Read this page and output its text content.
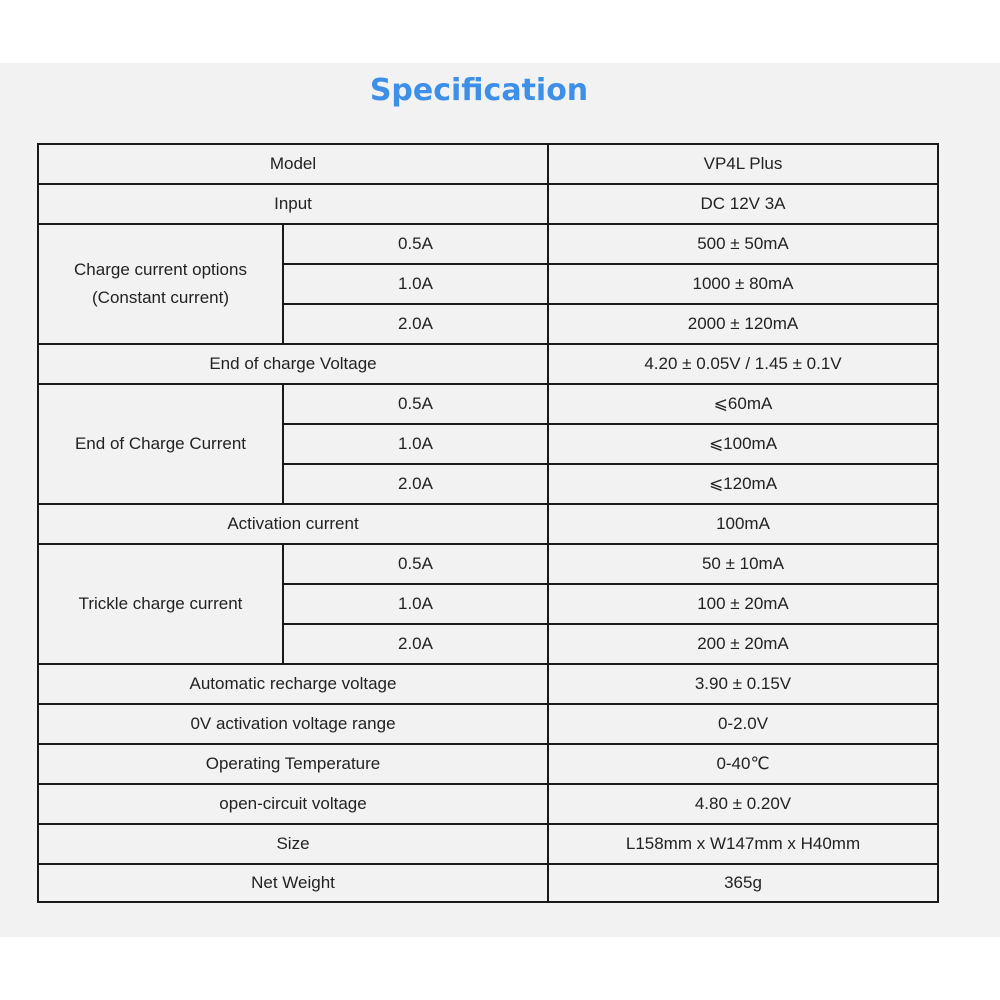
Specification
Model		VP4L Plus
Input		DC 12V 3A

Charge current options
(Constant current)	0.5A	500 ± 50mA
	1.0A	1000 ± 80mA
	2.0A	2000 ± 120mA
End of charge Voltage		4.20 ± 0.05V / 1.45 ± 0.1V
End of Charge Current	0.5A	⩽60mA
	1.0A	⩽100mA
	2.0A	⩽120mA
Activation current		100mA
Trickle charge current	0.5A	50 ± 10mA
	1.0A	100 ± 20mA
	2.0A	200 ± 20mA
Automatic recharge voltage		3.90 ± 0.15V
0V activation voltage range		0-2.0V
Operating Temperature		0-40℃
open-circuit voltage		4.80 ± 0.20V
Size		L158mm x W147mm x H40mm
Net Weight		365g
